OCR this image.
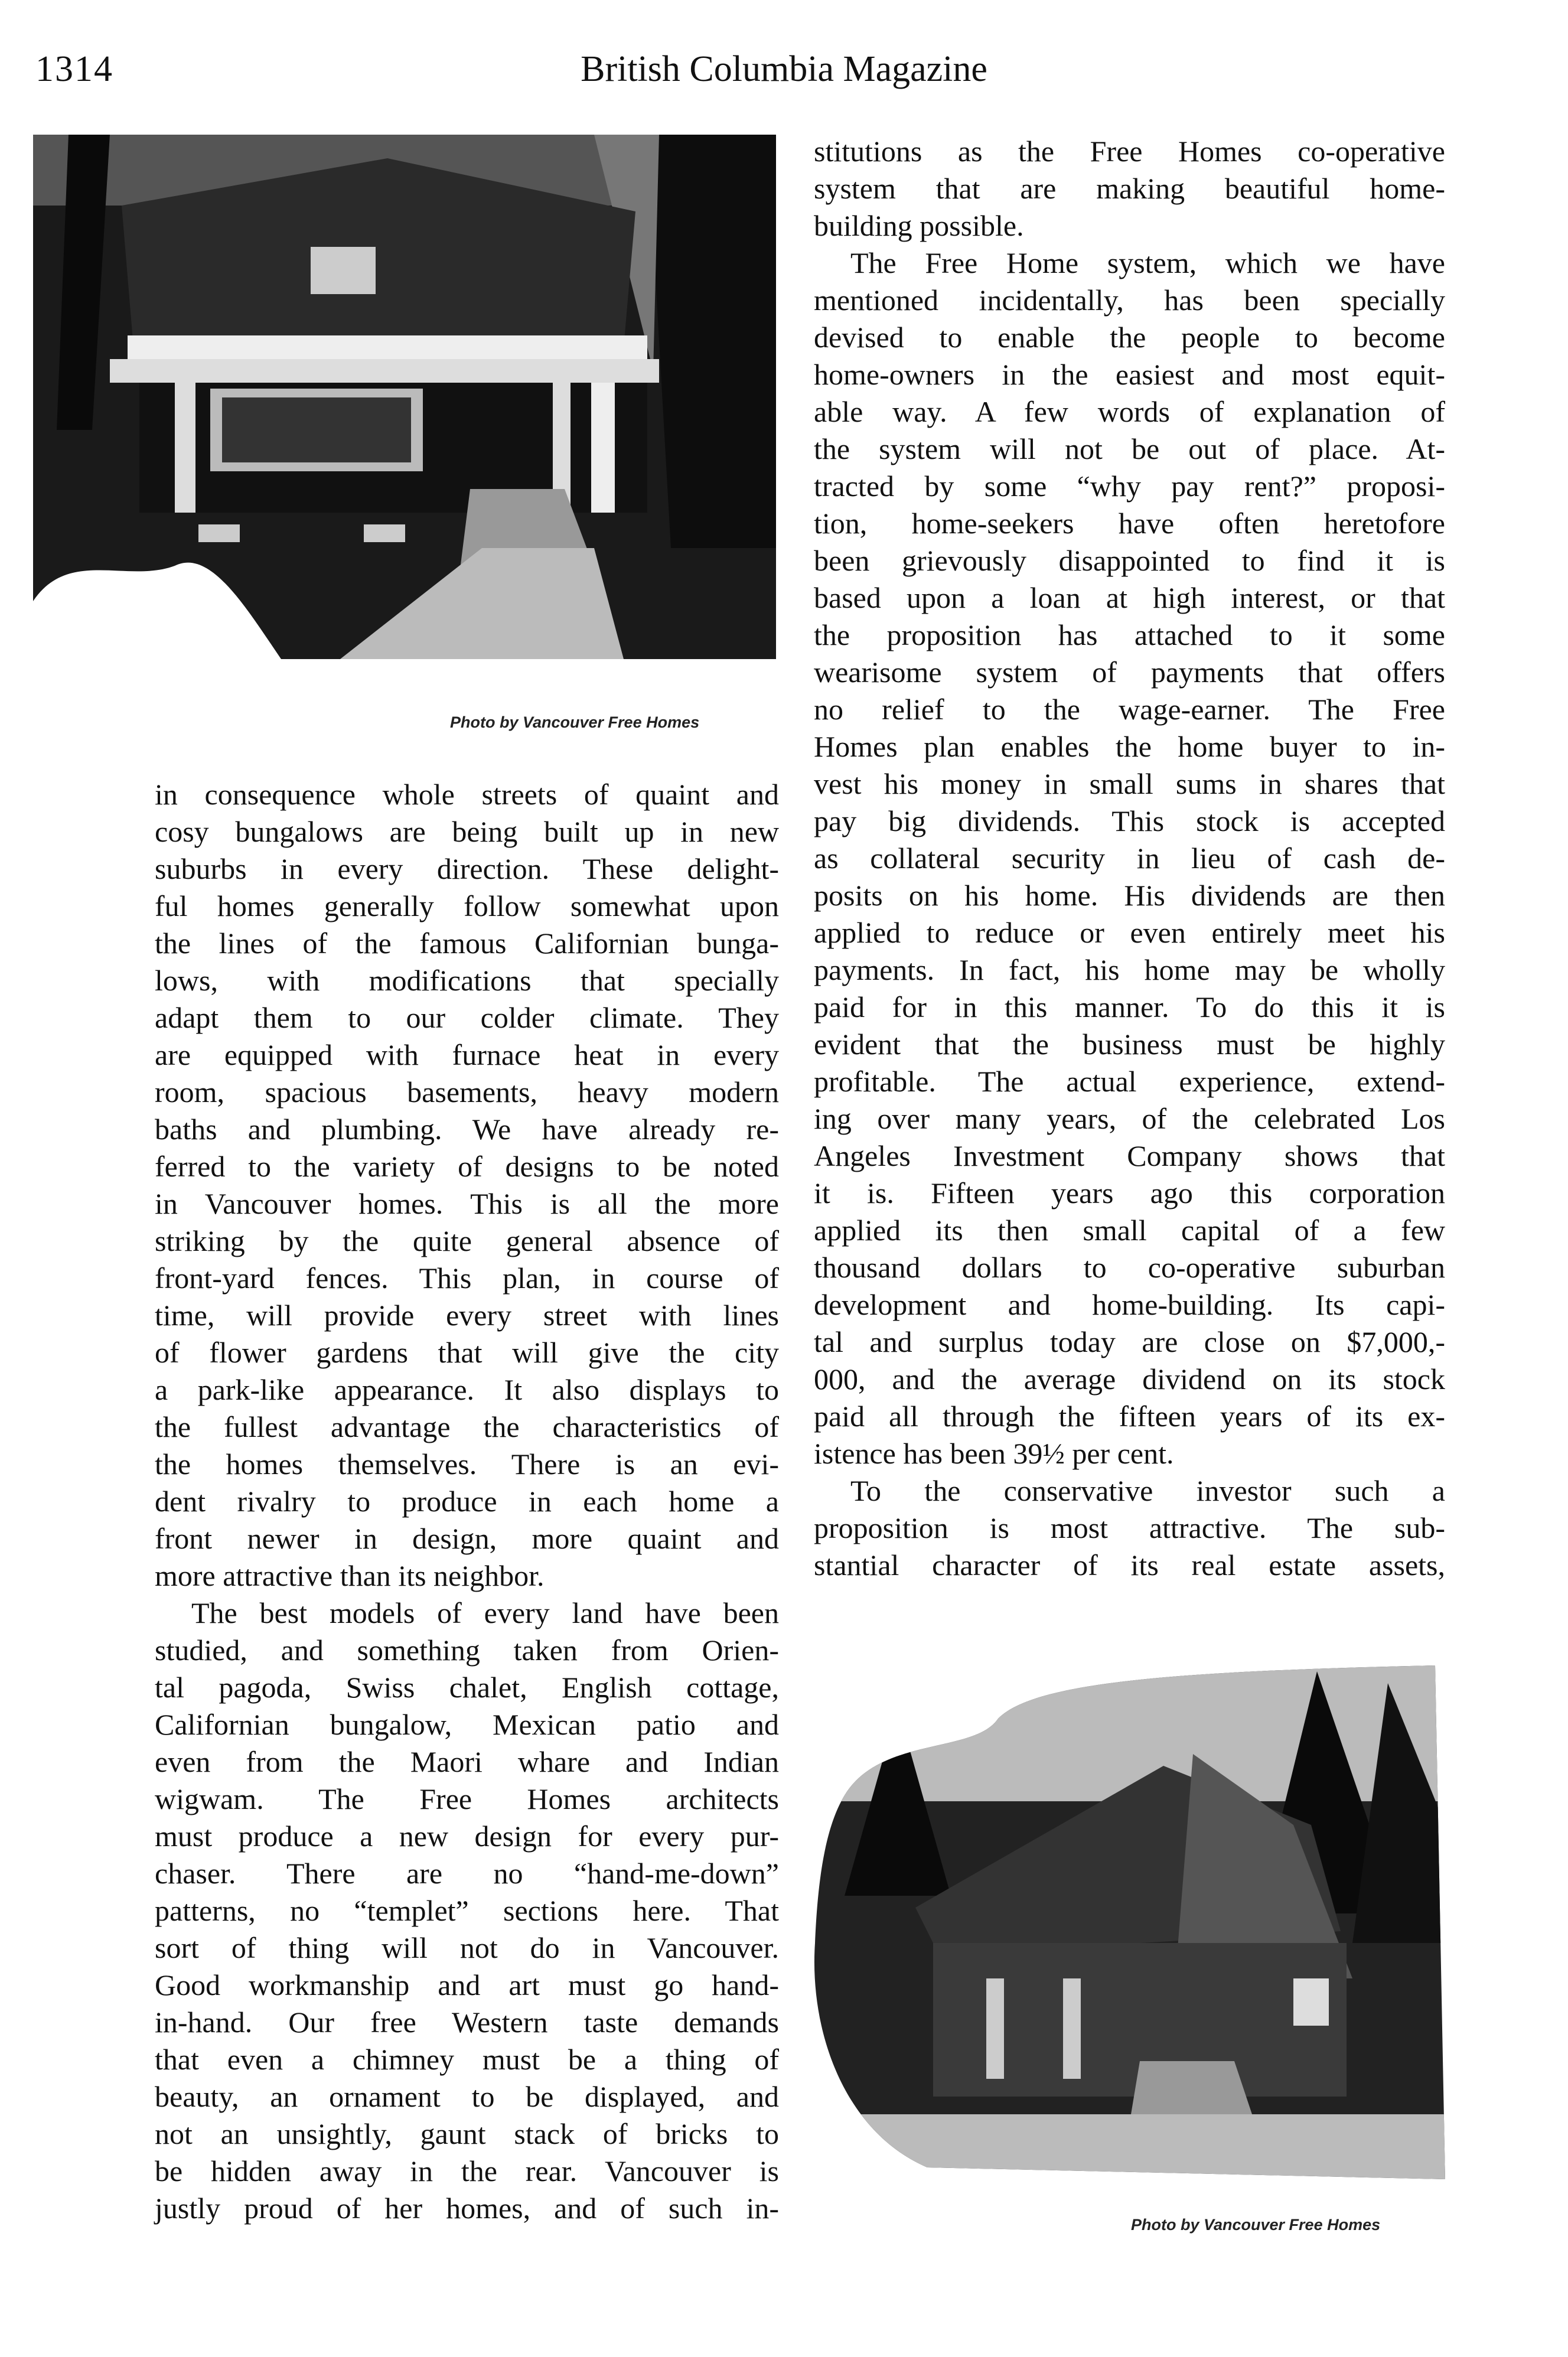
1314	British Columbia Magazine
Photo by Vancouver Free Homes
Photo by Vancouver Free Homes
in consequence whole streets of quaint and
cosy bungalows are being built up in new
suburbs in every direction. These delight-
ful homes generally follow somewhat upon
the lines of the famous Californian bunga-
lows, with modifications that specially
adapt them to our colder climate. They
are equipped with furnace heat in every
room, spacious basements, heavy modern
baths and plumbing. We have already re-
ferred to the variety of designs to be noted
in Vancouver homes. This is all the more
striking by the quite general absence of
front-yard fences. This plan, in course of
time, will provide every street with lines
of flower gardens that will give the city
a park-like appearance. It also displays to
the fullest advantage the characteristics of
the homes themselves. There is an evi-
dent rivalry to produce in each home a
front newer in design, more quaint and
more attractive than its neighbor.
The best models of every land have been
studied, and something taken from Orien-
tal pagoda, Swiss chalet, English cottage,
Californian bungalow, Mexican patio and
even from the Maori whare and Indian
wigwam. The Free Homes architects
must produce a new design for every pur-
chaser. There are no “hand-me-down”
patterns, no “templet” sections here. That
sort of thing will not do in Vancouver.
Good workmanship and art must go hand-
in-hand. Our free Western taste demands
that even a chimney must be a thing of
beauty, an ornament to be displayed, and
not an unsightly, gaunt stack of bricks to
be hidden away in the rear. Vancouver is
justly proud of her homes, and of such in-
stitutions as the Free Homes co-operative
system that are making beautiful home-
building possible.
The Free Home system, which we have
mentioned incidentally, has been specially
devised to enable the people to become
home-owners in the easiest and most equit-
able way. A few words of explanation of
the system will not be out of place. At-
tracted by some “why pay rent?” proposi-
tion, home-seekers have often heretofore
been grievously disappointed to find it is
based upon a loan at high interest, or that
the proposition has attached to it some
wearisome system of payments that offers
no relief to the wage-earner. The Free
Homes plan enables the home buyer to in-
vest his money in small sums in shares that
pay big dividends. This stock is accepted
as collateral security in lieu of cash de-
posits on his home. His dividends are then
applied to reduce or even entirely meet his
payments. In fact, his home may be wholly
paid for in this manner. To do this it is
evident that the business must be highly
profitable. The actual experience, extend-
ing over many years, of the celebrated Los
Angeles Investment Company shows that
it is. Fifteen years ago this corporation
applied its then small capital of a few
thousand dollars to co-operative suburban
development and home-building. Its capi-
tal and surplus today are close on $7,000,-
000, and the average dividend on its stock
paid all through the fifteen years of its ex-
istence has been 39½ per cent.
To the conservative investor such a
proposition is most attractive. The sub-
stantial character of its real estate assets,
